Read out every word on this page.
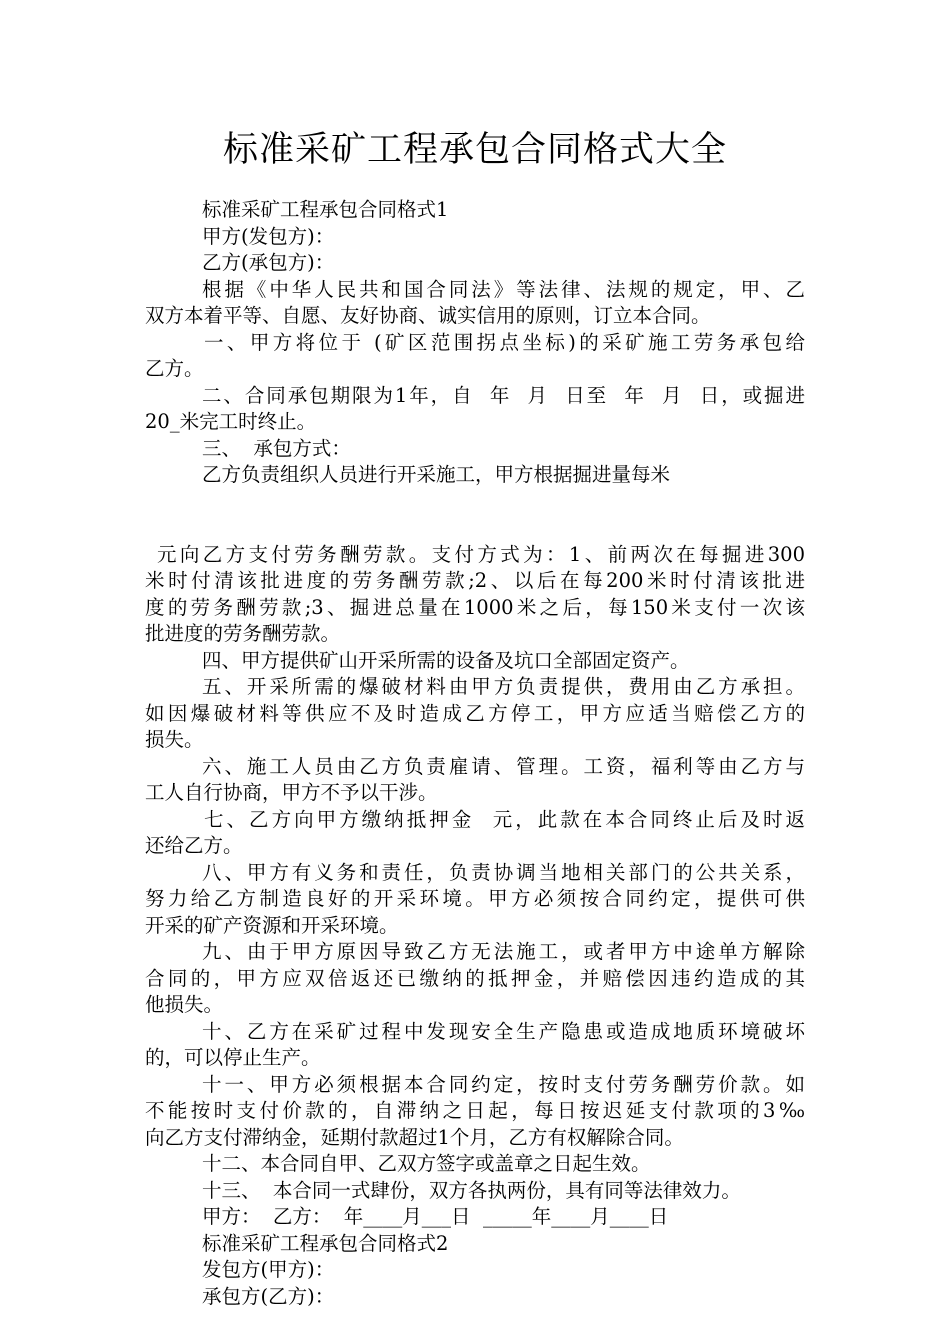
标准采矿工程承包合同格式大全
标准采矿工程承包合同格式1
甲方(发包方)：
乙方(承包方)：
根据《中华人民共和国合同法》等法律、法规的规定，甲、乙
双方本着平等、自愿、友好协商、诚实信用的原则，订立本合同。
一、甲方将位于 (矿区范围拐点坐标)的采矿施工劳务承包给
乙方。
二、合同承包期限为1年，自  年  月  日至  年  月  日，或掘进
20_米完工时终止。
三、  承包方式：
乙方负责组织人员进行开采施工，甲方根据掘进量每米
元向乙方支付劳务酬劳款。支付方式为：1、前两次在每掘进300
米时付清该批进度的劳务酬劳款;2、以后在每200米时付清该批进
度的劳务酬劳款;3、掘进总量在1000米之后，每150米支付一次该
批进度的劳务酬劳款。
四、甲方提供矿山开采所需的设备及坑口全部固定资产。
五、开采所需的爆破材料由甲方负责提供，费用由乙方承担。
如因爆破材料等供应不及时造成乙方停工，甲方应适当赔偿乙方的
损失。
六、施工人员由乙方负责雇请、管理。工资，福利等由乙方与
工人自行协商，甲方不予以干涉。
七、乙方向甲方缴纳抵押金  元，此款在本合同终止后及时返
还给乙方。
八、甲方有义务和责任，负责协调当地相关部门的公共关系，
努力给乙方制造良好的开采环境。甲方必须按合同约定，提供可供
开采的矿产资源和开采环境。
九、由于甲方原因导致乙方无法施工，或者甲方中途单方解除
合同的，甲方应双倍返还已缴纳的抵押金，并赔偿因违约造成的其
他损失。
十、乙方在采矿过程中发现安全生产隐患或造成地质环境破坏
的，可以停止生产。
十一、甲方必须根据本合同约定，按时支付劳务酬劳价款。如
不能按时支付价款的，自滞纳之日起，每日按迟延支付款项的3‰
向乙方支付滞纳金，延期付款超过1个月，乙方有权解除合同。
十二、本合同自甲、乙双方签字或盖章之日起生效。
十三、  本合同一式肆份，双方各执两份，具有同等法律效力。
甲方：  乙方：  年____月___日  _____年____月____日
标准采矿工程承包合同格式2
发包方(甲方)：
承包方(乙方)：
